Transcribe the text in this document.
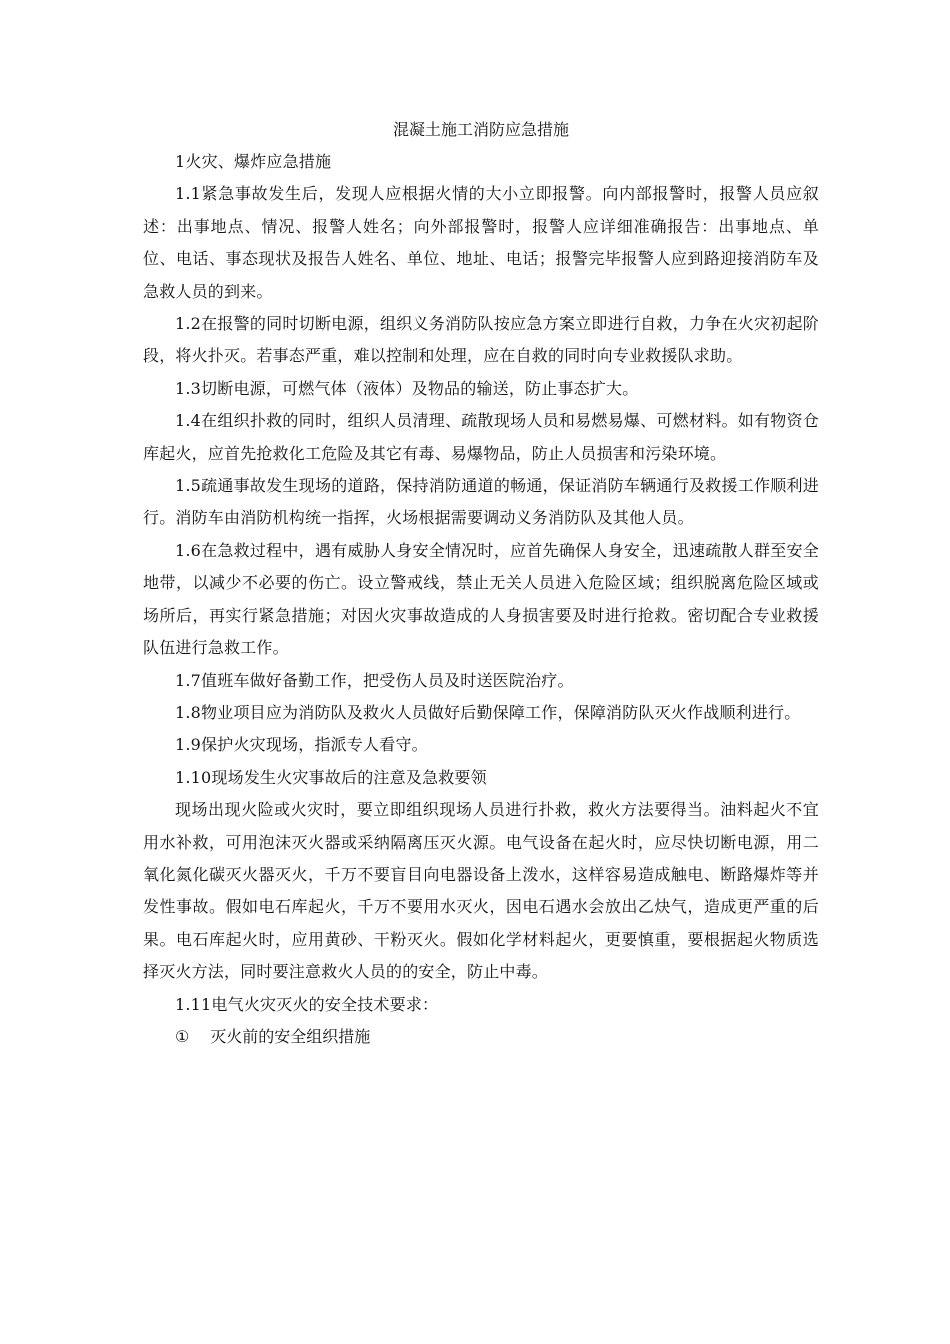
混凝土施工消防应急措施

1火灾、爆炸应急措施

1.1紧急事故发生后，发现人应根据火情的大小立即报警。向内部报警时，报警人员应叙述：出事地点、情况、报警人姓名；向外部报警时，报警人应详细准确报告：出事地点、单位、电话、事态现状及报告人姓名、单位、地址、电话；报警完毕报警人应到路迎接消防车及急救人员的到来。

1.2在报警的同时切断电源，组织义务消防队按应急方案立即进行自救，力争在火灾初起阶段，将火扑灭。若事态严重，难以控制和处理，应在自救的同时向专业救援队求助。

1.3切断电源，可燃气体（液体）及物品的输送，防止事态扩大。

1.4在组织扑救的同时，组织人员清理、疏散现场人员和易燃易爆、可燃材料。如有物资仓库起火，应首先抢救化工危险及其它有毒、易爆物品，防止人员损害和污染环境。

1.5疏通事故发生现场的道路，保持消防通道的畅通，保证消防车辆通行及救援工作顺利进行。消防车由消防机构统一指挥，火场根据需要调动义务消防队及其他人员。

1.6在急救过程中，遇有威胁人身安全情况时，应首先确保人身安全，迅速疏散人群至安全地带，以减少不必要的伤亡。设立警戒线，禁止无关人员进入危险区域；组织脱离危险区域或场所后，再实行紧急措施；对因火灾事故造成的人身损害要及时进行抢救。密切配合专业救援队伍进行急救工作。

1.7值班车做好备勤工作，把受伤人员及时送医院治疗。

1.8物业项目应为消防队及救火人员做好后勤保障工作，保障消防队灭火作战顺利进行。

1.9保护火灾现场，指派专人看守。

1.10现场发生火灾事故后的注意及急救要领

现场出现火险或火灾时，要立即组织现场人员进行扑救，救火方法要得当。油料起火不宜用水补救，可用泡沫灭火器或采纳隔离压灭火源。电气设备在起火时，应尽快切断电源，用二氧化氮化碳灭火器灭火，千万不要盲目向电器设备上泼水，这样容易造成触电、断路爆炸等并发性事故。假如电石库起火，千万不要用水灭火，因电石遇水会放出乙炔气，造成更严重的后果。电石库起火时，应用黄砂、干粉灭火。假如化学材料起火，更要慎重，要根据起火物质选择灭火方法，同时要注意救火人员的的安全，防止中毒。

1.11电气火灾灭火的安全技术要求：

① 灭火前的安全组织措施
